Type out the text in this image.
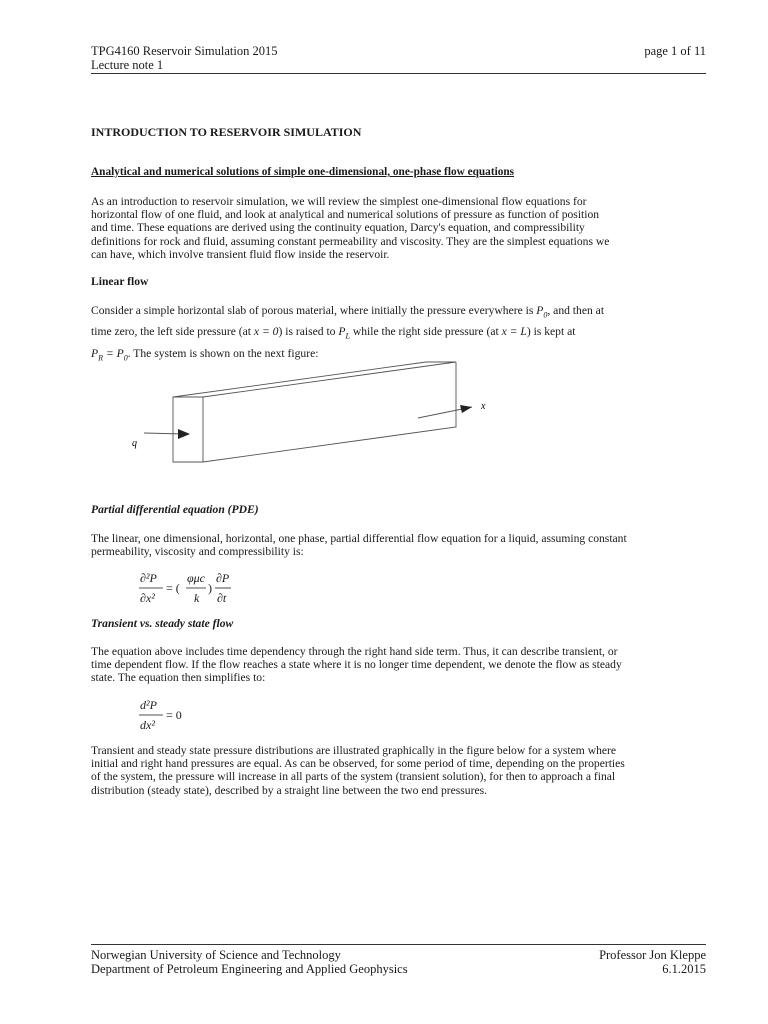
TPG4160 Reservoir Simulation 2015
Lecture note 1
page 1 of 11
INTRODUCTION TO RESERVOIR SIMULATION
Analytical and numerical solutions of simple one-dimensional, one-phase flow equations
As an introduction to reservoir simulation, we will review the simplest one-dimensional flow equations for
horizontal flow of one fluid, and look at analytical and numerical solutions of pressure as function of position
and time. These equations are derived using the continuity equation, Darcy's equation, and compressibility
definitions for rock and fluid, assuming constant permeability and viscosity. They are the simplest equations we
can have, which involve transient fluid flow inside the reservoir.
Linear flow
Consider a simple horizontal slab of porous material, where initially the pressure everywhere is $P_0$, and then at
time zero, the left side pressure (at x = 0) is raised to $P_L$ while the right side pressure (at x = L) is kept at
$P_R = P_0$. The system is shown on the next figure:
x
q
Partial differential equation (PDE)
The linear, one dimensional, horizontal, one phase, partial differential flow equation for a liquid, assuming constant
permeability, viscosity and compressibility is:
∂²P
∂x²
= (
φμc
k
)
∂P
∂t
Transient vs. steady state flow
The equation above includes time dependency through the right hand side term. Thus, it can describe transient, or
time dependent flow. If the flow reaches a state where it is no longer time dependent, we denote the flow as steady
state. The equation then simplifies to:
d²P
dx²
= 0
Transient and steady state pressure distributions are illustrated graphically in the figure below for a system where
initial and right hand pressures are equal. As can be observed, for some period of time, depending on the properties
of the system, the pressure will increase in all parts of the system (transient solution), for then to approach a final
distribution (steady state), described by a straight line between the two end pressures.
Norwegian University of Science and Technology
Department of Petroleum Engineering and Applied Geophysics
Professor Jon Kleppe
6.1.2015
